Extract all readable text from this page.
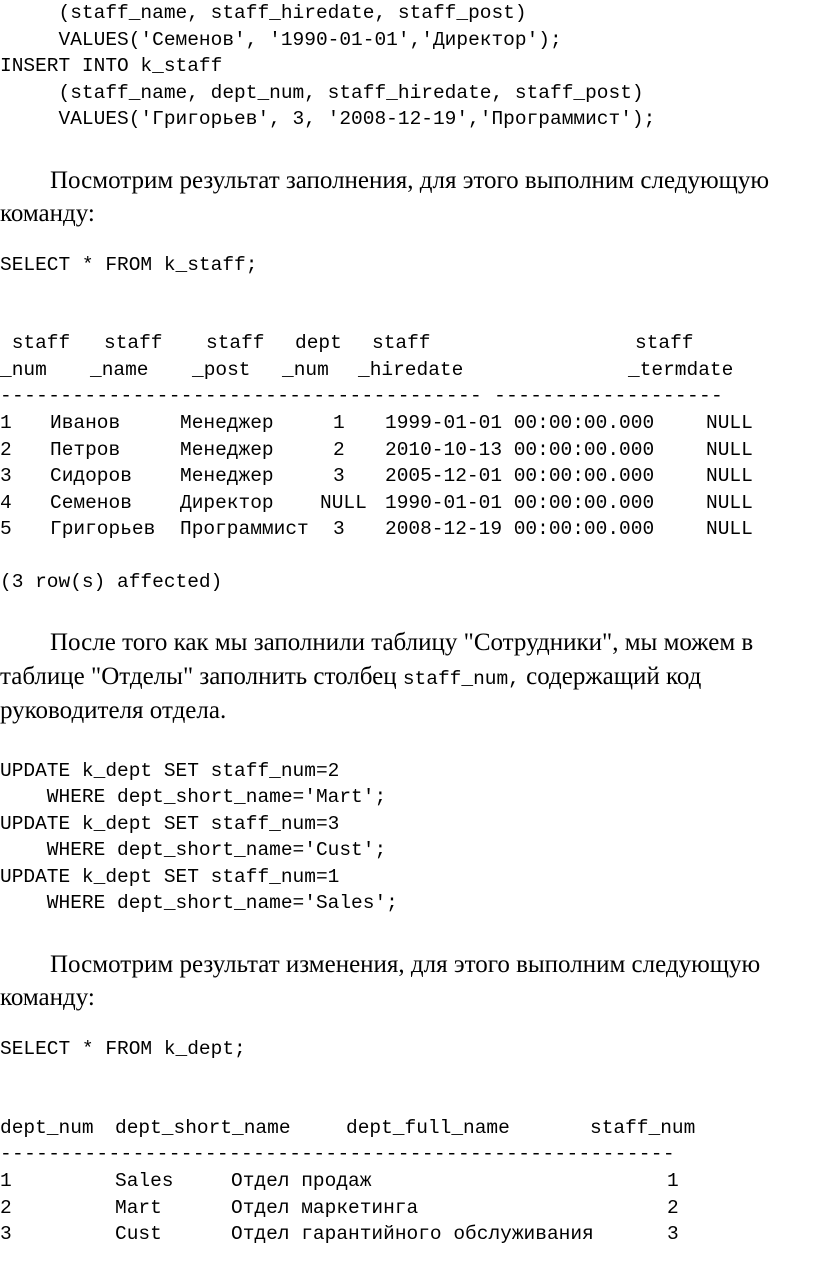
(staff_name, staff_hiredate, staff_post)
VALUES('Семенов', '1990-01-01','Директор');
INSERT INTO k_staff
(staff_name, dept_num, staff_hiredate, staff_post)
VALUES('Григорьев', 3, '2008-12-19','Программист');
Посмотрим результат заполнения, для этого выполним следующую
команду:
SELECT * FROM k_staff;
staff staff staff dept staff	staff
_num _name _post _num _hiredate	_termdate
---------------------------------------- -------------------
1 Иванов	Менеджер	1 1999-01-01 00:00:00.000	NULL
2 Петров	Менеджер	2 2010-10-13 00:00:00.000	NULL
3 Сидоров Менеджер	3 2005-12-01 00:00:00.000	NULL
4 Семенов Директор NULL 1990-01-01 00:00:00.000	NULL
5 Григорьев Программист 3 2008-12-19 00:00:00.000	NULL
(3 row(s) affected)
После того как мы заполнили таблицу "Сотрудники", мы можем в
таблице "Отделы" заполнить столбец staff_num, содержащий код
руководителя отдела.
UPDATE k_dept SET staff_num=2
WHERE dept_short_name='Mart';
UPDATE k_dept SET staff_num=3
WHERE dept_short_name='Cust';
UPDATE k_dept SET staff_num=1
WHERE dept_short_name='Sales';
Посмотрим результат изменения, для этого выполним следующую
команду:
SELECT * FROM k_dept;
dept_num dept_short_name	dept_full_name	staff_num
--------------------------------------------------------
1	Sales	Отдел продаж	1
2	Mart	Отдел маркетинга	2
3	Cust	Отдел гарантийного обслуживания	3
